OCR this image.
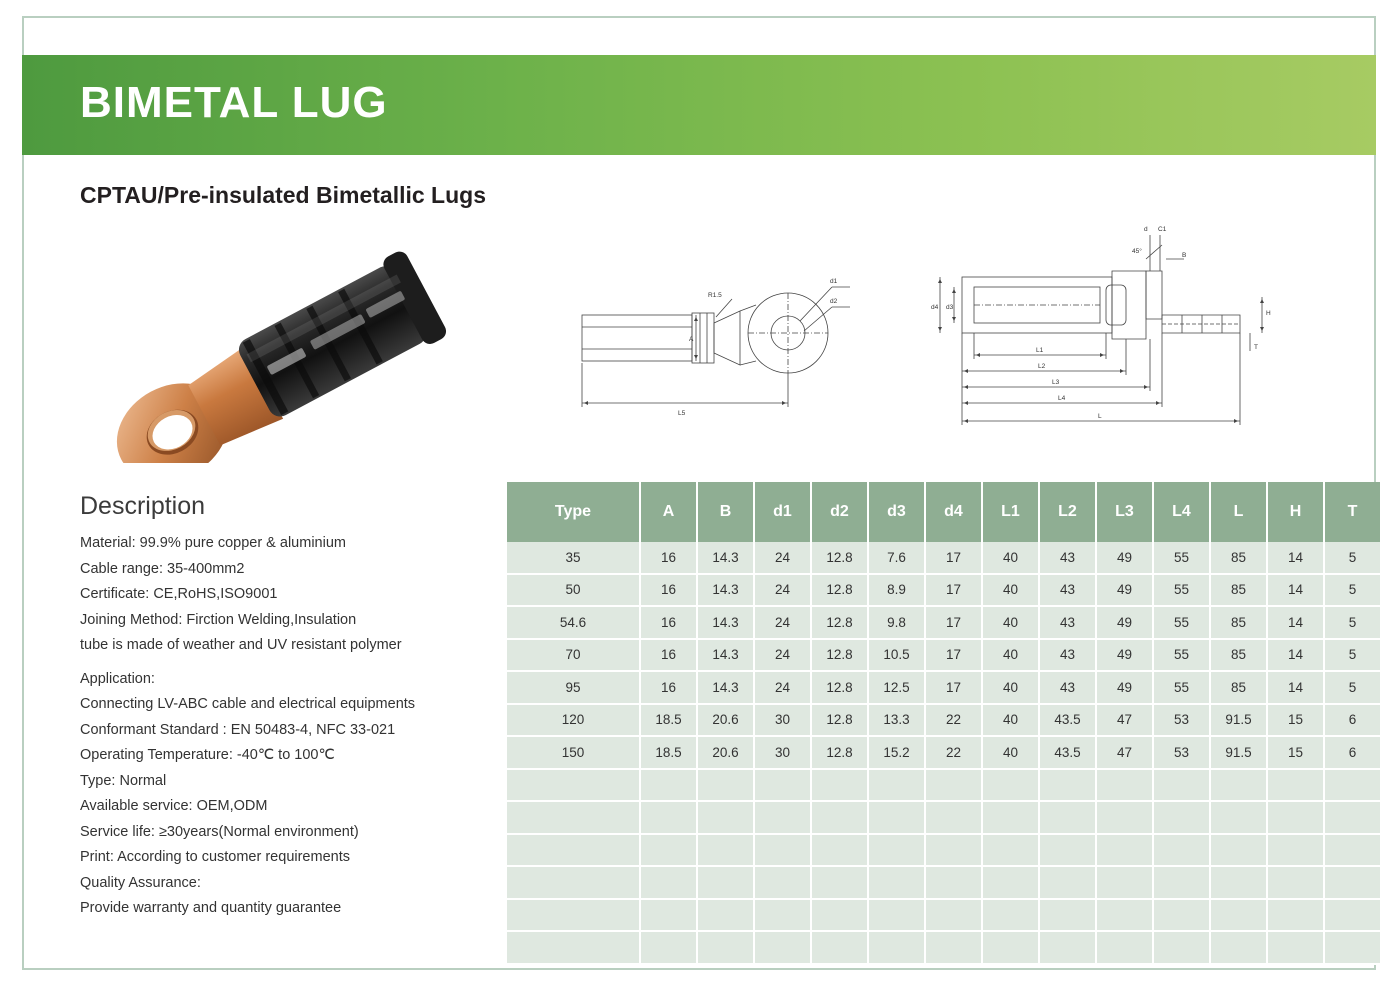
BIMETAL LUG
CPTAU/Pre-insulated Bimetallic Lugs
d1
d2
R1.5
A
L5
d C1
45°
B
d4 d3
H
T
L1
L2
L3
L4
L
Description
Material: 99.9% pure copper & aluminium
Cable range: 35-400mm2
Certificate: CE,RoHS,ISO9001
Joining Method: Firction Welding,Insulation
tube is made of weather and UV resistant polymer
Application:
Connecting LV-ABC cable and electrical equipments
Conformant Standard : EN 50483-4, NFC 33-021
Operating Temperature: -40℃ to 100℃
Type: Normal
Available service: OEM,ODM
Service life: ≥30years(Normal environment)
Print: According to customer requirements
Quality Assurance:
Provide warranty and quantity guarantee
Type	A	B	d1	d2	d3	d4	L1	L2	L3	L4	L	H	T
35	16	14.3	24	12.8	7.6	17	40	43	49	55	85	14	5
50	16	14.3	24	12.8	8.9	17	40	43	49	55	85	14	5
54.6	16	14.3	24	12.8	9.8	17	40	43	49	55	85	14	5
70	16	14.3	24	12.8	10.5	17	40	43	49	55	85	14	5
95	16	14.3	24	12.8	12.5	17	40	43	49	55	85	14	5
120	18.5	20.6	30	12.8	13.3	22	40	43.5	47	53	91.5	15	6
150	18.5	20.6	30	12.8	15.2	22	40	43.5	47	53	91.5	15	6
